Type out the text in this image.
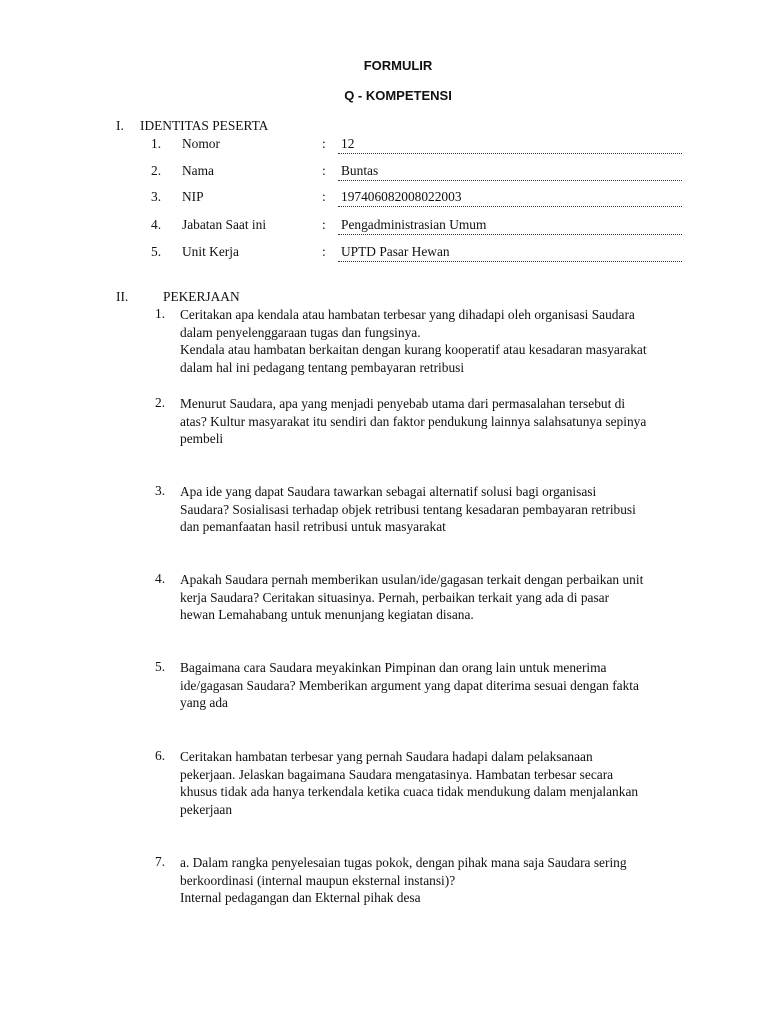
FORMULIR
Q - KOMPETENSI
I. IDENTITAS PESERTA
1. Nomor	: 12
2. Nama	: Buntas
3. NIP	: 197406082008022003
4. Jabatan Saat ini	: Pengadministrasian Umum
5. Unit Kerja	: UPTD Pasar Hewan
II.	PEKERJAAN
1. Ceritakan apa kendala atau hambatan terbesar yang dihadapi oleh organisasi Saudara
dalam penyelenggaraan tugas dan fungsinya.
Kendala atau hambatan berkaitan dengan kurang kooperatif atau kesadaran masyarakat
dalam hal ini pedagang tentang pembayaran retribusi
2. Menurut Saudara, apa yang menjadi penyebab utama dari permasalahan tersebut di
atas? Kultur masyarakat itu sendiri dan faktor pendukung lainnya salahsatunya sepinya
pembeli
3. Apa ide yang dapat Saudara tawarkan sebagai alternatif solusi bagi organisasi
Saudara? Sosialisasi terhadap objek retribusi tentang kesadaran pembayaran retribusi
dan pemanfaatan hasil retribusi untuk masyarakat
4. Apakah Saudara pernah memberikan usulan/ide/gagasan terkait dengan perbaikan unit
kerja Saudara? Ceritakan situasinya. Pernah, perbaikan terkait yang ada di pasar
hewan Lemahabang untuk menunjang kegiatan disana.
5. Bagaimana cara Saudara meyakinkan Pimpinan dan orang lain untuk menerima
ide/gagasan Saudara? Memberikan argument yang dapat diterima sesuai dengan fakta
yang ada
6. Ceritakan hambatan terbesar yang pernah Saudara hadapi dalam pelaksanaan
pekerjaan. Jelaskan bagaimana Saudara mengatasinya. Hambatan terbesar secara
khusus tidak ada hanya terkendala ketika cuaca tidak mendukung dalam menjalankan
pekerjaan
7. a. Dalam rangka penyelesaian tugas pokok, dengan pihak mana saja Saudara sering
berkoordinasi (internal maupun eksternal instansi)?
Internal pedagangan dan Ekternal pihak desa
